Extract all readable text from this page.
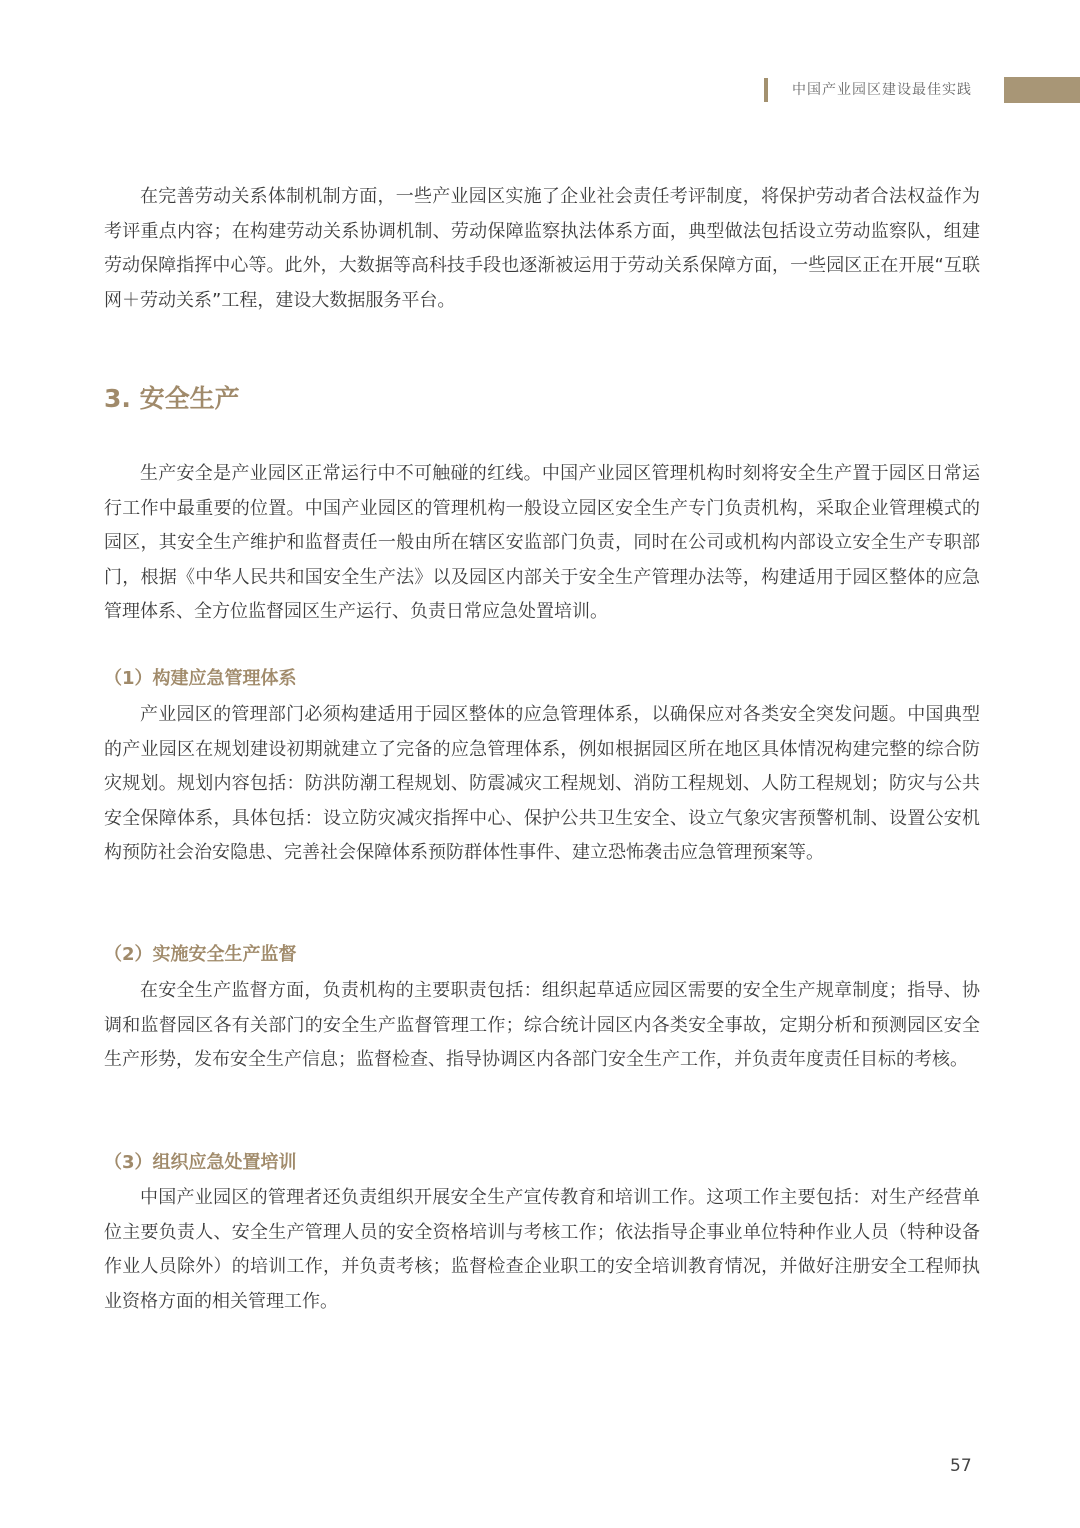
中国产业园区建设最佳实践

在完善劳动关系体制机制方面，一些产业园区实施了企业社会责任考评制度，将保护劳动者合法权益作为考评重点内容；在构建劳动关系协调机制、劳动保障监察执法体系方面，典型做法包括设立劳动监察队，组建劳动保障指挥中心等。此外，大数据等高科技手段也逐渐被运用于劳动关系保障方面，一些园区正在开展“互联网＋劳动关系”工程，建设大数据服务平台。

3. 安全生产

生产安全是产业园区正常运行中不可触碰的红线。中国产业园区管理机构时刻将安全生产置于园区日常运行工作中最重要的位置。中国产业园区的管理机构一般设立园区安全生产专门负责机构，采取企业管理模式的园区，其安全生产维护和监督责任一般由所在辖区安监部门负责，同时在公司或机构内部设立安全生产专职部门，根据《中华人民共和国安全生产法》以及园区内部关于安全生产管理办法等，构建适用于园区整体的应急管理体系、全方位监督园区生产运行、负责日常应急处置培训。

（1）构建应急管理体系

产业园区的管理部门必须构建适用于园区整体的应急管理体系，以确保应对各类安全突发问题。中国典型的产业园区在规划建设初期就建立了完备的应急管理体系，例如根据园区所在地区具体情况构建完整的综合防灾规划。规划内容包括：防洪防潮工程规划、防震减灾工程规划、消防工程规划、人防工程规划；防灾与公共安全保障体系，具体包括：设立防灾减灾指挥中心、保护公共卫生安全、设立气象灾害预警机制、设置公安机构预防社会治安隐患、完善社会保障体系预防群体性事件、建立恐怖袭击应急管理预案等。

（2）实施安全生产监督

在安全生产监督方面，负责机构的主要职责包括：组织起草适应园区需要的安全生产规章制度；指导、协调和监督园区各有关部门的安全生产监督管理工作；综合统计园区内各类安全事故，定期分析和预测园区安全生产形势，发布安全生产信息；监督检查、指导协调区内各部门安全生产工作，并负责年度责任目标的考核。

（3）组织应急处置培训

中国产业园区的管理者还负责组织开展安全生产宣传教育和培训工作。这项工作主要包括：对生产经营单位主要负责人、安全生产管理人员的安全资格培训与考核工作；依法指导企事业单位特种作业人员（特种设备作业人员除外）的培训工作，并负责考核；监督检查企业职工的安全培训教育情况，并做好注册安全工程师执业资格方面的相关管理工作。

57
